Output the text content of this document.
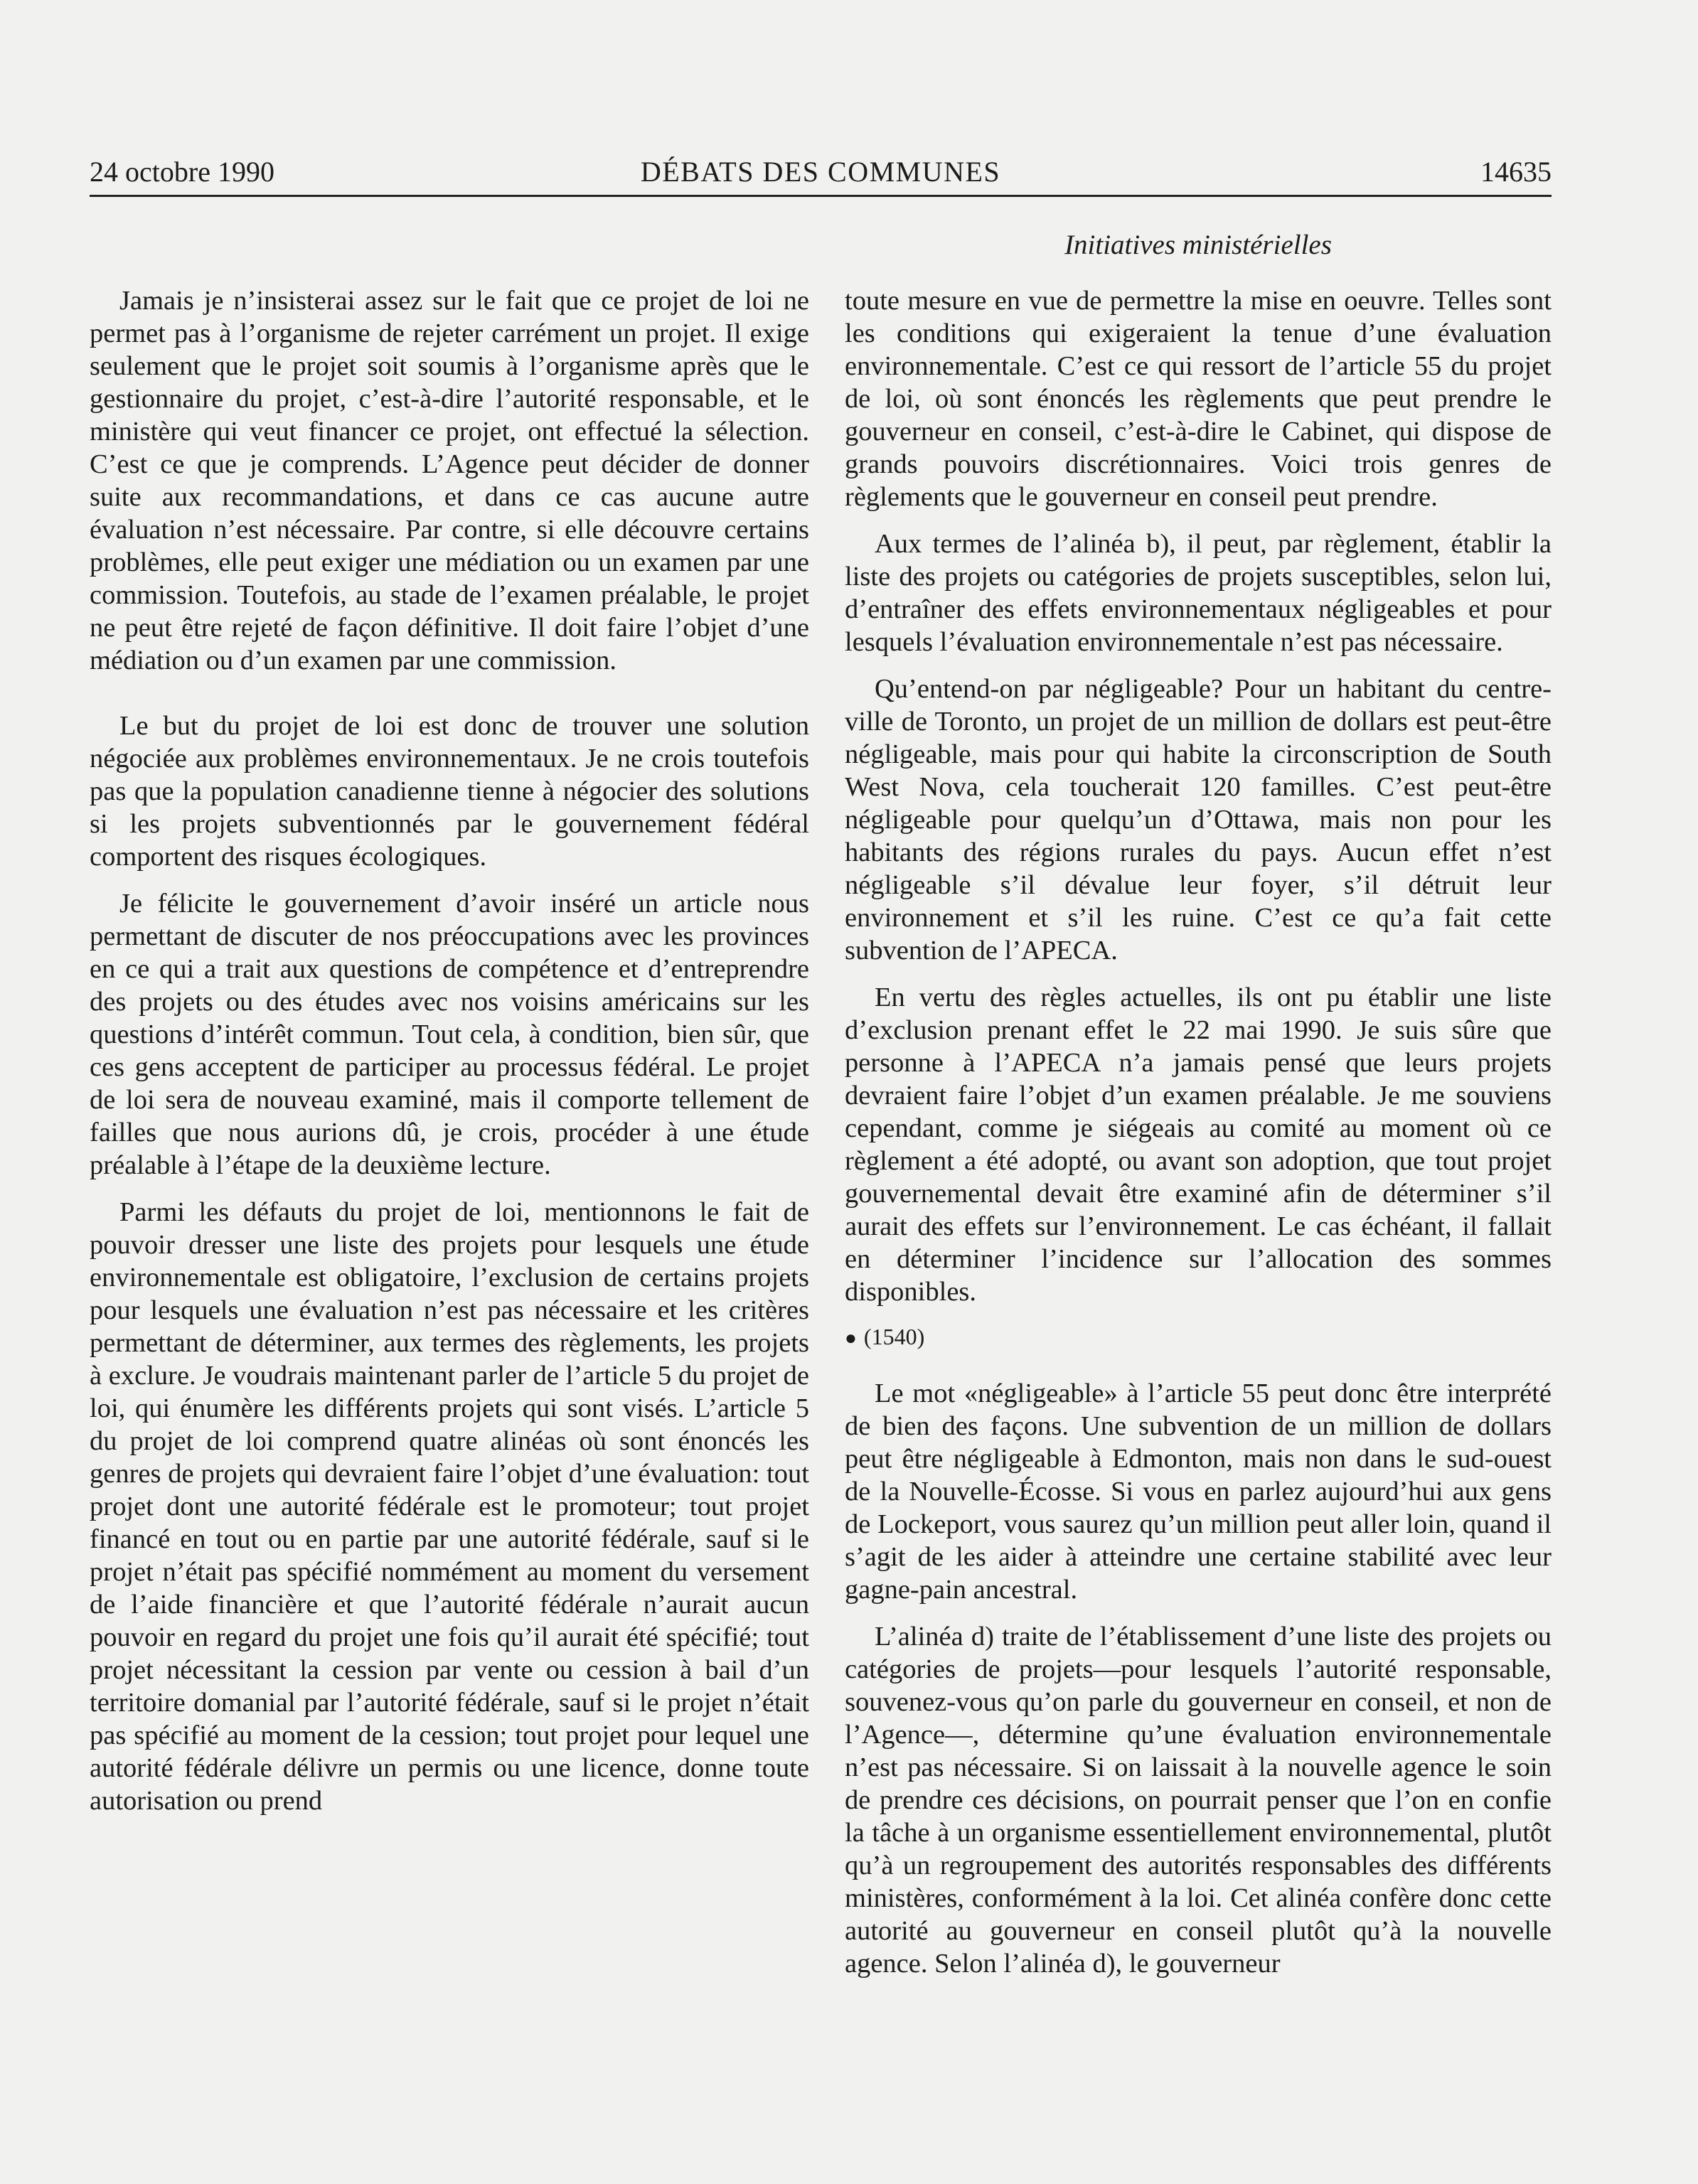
24 octobre 1990	DÉBATS DES COMMUNES	14635
Initiatives ministérielles

Jamais je n’insisterai assez sur le fait que ce projet de loi ne permet pas à l’organisme de rejeter carrément un projet. Il exige seulement que le projet soit soumis à l’organisme après que le gestionnaire du projet, c’est-à-dire l’autorité responsable, et le ministère qui veut financer ce projet, ont effectué la sélection. C’est ce que je comprends. L’Agence peut décider de donner suite aux recommandations, et dans ce cas aucune autre évaluation n’est nécessaire. Par contre, si elle découvre certains problèmes, elle peut exiger une médiation ou un examen par une commission. Toutefois, au stade de l’examen préalable, le projet ne peut être rejeté de façon définitive. Il doit faire l’objet d’une médiation ou d’un examen par une commission.

Le but du projet de loi est donc de trouver une solution négociée aux problèmes environnementaux. Je ne crois toutefois pas que la population canadienne tienne à négocier des solutions si les projets subventionnés par le gouvernement fédéral comportent des risques écologiques.

Je félicite le gouvernement d’avoir inséré un article nous permettant de discuter de nos préoccupations avec les provinces en ce qui a trait aux questions de compétence et d’entreprendre des projets ou des études avec nos voisins américains sur les questions d’intérêt commun. Tout cela, à condition, bien sûr, que ces gens acceptent de participer au processus fédéral. Le projet de loi sera de nouveau examiné, mais il comporte tellement de failles que nous aurions dû, je crois, procéder à une étude préalable à l’étape de la deuxième lecture.

Parmi les défauts du projet de loi, mentionnons le fait de pouvoir dresser une liste des projets pour lesquels une étude environnementale est obligatoire, l’exclusion de certains projets pour lesquels une évaluation n’est pas nécessaire et les critères permettant de déterminer, aux termes des règlements, les projets à exclure. Je voudrais maintenant parler de l’article 5 du projet de loi, qui énumère les différents projets qui sont visés. L’article 5 du projet de loi comprend quatre alinéas où sont énoncés les genres de projets qui devraient faire l’objet d’une évaluation: tout projet dont une autorité fédérale est le promoteur; tout projet financé en tout ou en partie par une autorité fédérale, sauf si le projet n’était pas spécifié nommément au moment du versement de l’aide financière et que l’autorité fédérale n’aurait aucun pouvoir en regard du projet une fois qu’il aurait été spécifié; tout projet nécessitant la cession par vente ou cession à bail d’un territoire domanial par l’autorité fédérale, sauf si le projet n’était pas spécifié au moment de la cession; tout projet pour lequel une autorité fédérale délivre un permis ou une licence, donne toute autorisation ou prend

toute mesure en vue de permettre la mise en oeuvre. Telles sont les conditions qui exigeraient la tenue d’une évaluation environnementale. C’est ce qui ressort de l’article 55 du projet de loi, où sont énoncés les règlements que peut prendre le gouverneur en conseil, c’est-à-dire le Cabinet, qui dispose de grands pouvoirs discrétionnaires. Voici trois genres de règlements que le gouverneur en conseil peut prendre.

Aux termes de l’alinéa b), il peut, par règlement, établir la liste des projets ou catégories de projets susceptibles, selon lui, d’entraîner des effets environnementaux négligeables et pour lesquels l’évaluation environnementale n’est pas nécessaire.

Qu’entend-on par négligeable? Pour un habitant du centre-ville de Toronto, un projet de un million de dollars est peut-être négligeable, mais pour qui habite la circonscription de South West Nova, cela toucherait 120 familles. C’est peut-être négligeable pour quelqu’un d’Ottawa, mais non pour les habitants des régions rurales du pays. Aucun effet n’est négligeable s’il dévalue leur foyer, s’il détruit leur environnement et s’il les ruine. C’est ce qu’a fait cette subvention de l’APECA.

En vertu des règles actuelles, ils ont pu établir une liste d’exclusion prenant effet le 22 mai 1990. Je suis sûre que personne à l’APECA n’a jamais pensé que leurs projets devraient faire l’objet d’un examen préalable. Je me souviens cependant, comme je siégeais au comité au moment où ce règlement a été adopté, ou avant son adoption, que tout projet gouvernemental devait être examiné afin de déterminer s’il aurait des effets sur l’environnement. Le cas échéant, il fallait en déterminer l’incidence sur l’allocation des sommes disponibles.

● (1540)

Le mot «négligeable» à l’article 55 peut donc être interprété de bien des façons. Une subvention de un million de dollars peut être négligeable à Edmonton, mais non dans le sud-ouest de la Nouvelle-Écosse. Si vous en parlez aujourd’hui aux gens de Lockeport, vous saurez qu’un million peut aller loin, quand il s’agit de les aider à atteindre une certaine stabilité avec leur gagne-pain ancestral.

L’alinéa d) traite de l’établissement d’une liste des projets ou catégories de projets—pour lesquels l’autorité responsable, souvenez-vous qu’on parle du gouverneur en conseil, et non de l’Agence—, détermine qu’une évaluation environnementale n’est pas nécessaire. Si on laissait à la nouvelle agence le soin de prendre ces décisions, on pourrait penser que l’on en confie la tâche à un organisme essentiellement environnemental, plutôt qu’à un regroupement des autorités responsables des différents ministères, conformément à la loi. Cet alinéa confère donc cette autorité au gouverneur en conseil plutôt qu’à la nouvelle agence. Selon l’alinéa d), le gouverneur
